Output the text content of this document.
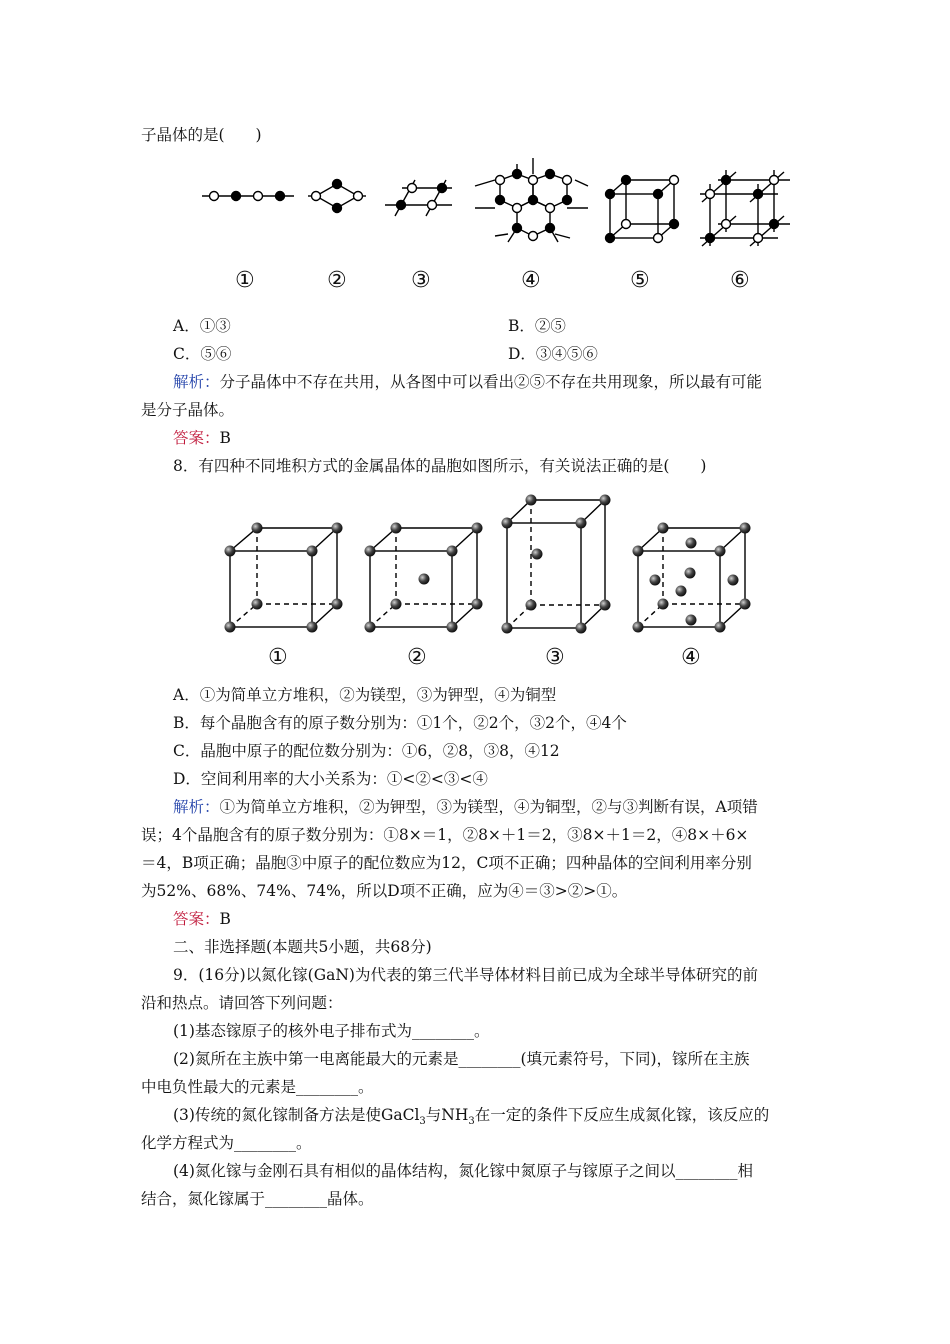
子晶体的是(　　)
①	②	③	④	⑤	⑥
A．①③	B．②⑤
C．⑤⑥	D．③④⑤⑥
解析：分子晶体中不存在共用，从各图中可以看出②⑤不存在共用现象，所以最有可能
是分子晶体。
答案：B
8．有四种不同堆积方式的金属晶体的晶胞如图所示，有关说法正确的是(　　)
①	②	③	④
A．①为简单立方堆积，②为镁型，③为钾型，④为铜型
B．每个晶胞含有的原子数分别为：①1个，②2个，③2个，④4个
C．晶胞中原子的配位数分别为：①6，②8，③8，④12
D．空间利用率的大小关系为：①<②<③<④
解析：①为简单立方堆积，②为钾型，③为镁型，④为铜型，②与③判断有误，A项错
误；4个晶胞含有的原子数分别为：①8×＝1，②8×＋1＝2，③8×＋1＝2，④8×＋6×
＝4，B项正确；晶胞③中原子的配位数应为12，C项不正确；四种晶体的空间利用率分别
为52%、68%、74%、74%，所以D项不正确，应为④＝③>②>①。
答案：B
二、非选择题(本题共5小题，共68分)
9．(16分)以氮化镓(GaN)为代表的第三代半导体材料目前已成为全球半导体研究的前
沿和热点。请回答下列问题：
(1)基态镓原子的核外电子排布式为________。
(2)氮所在主族中第一电离能最大的元素是________(填元素符号，下同)，镓所在主族
中电负性最大的元素是________。
(3)传统的氮化镓制备方法是使GaCl$_3$与$NH_3$在一定的条件下反应生成氮化镓，该反应的
化学方程式为________。
(4)氮化镓与金刚石具有相似的晶体结构，氮化镓中氮原子与镓原子之间以________相
结合，氮化镓属于________晶体。
